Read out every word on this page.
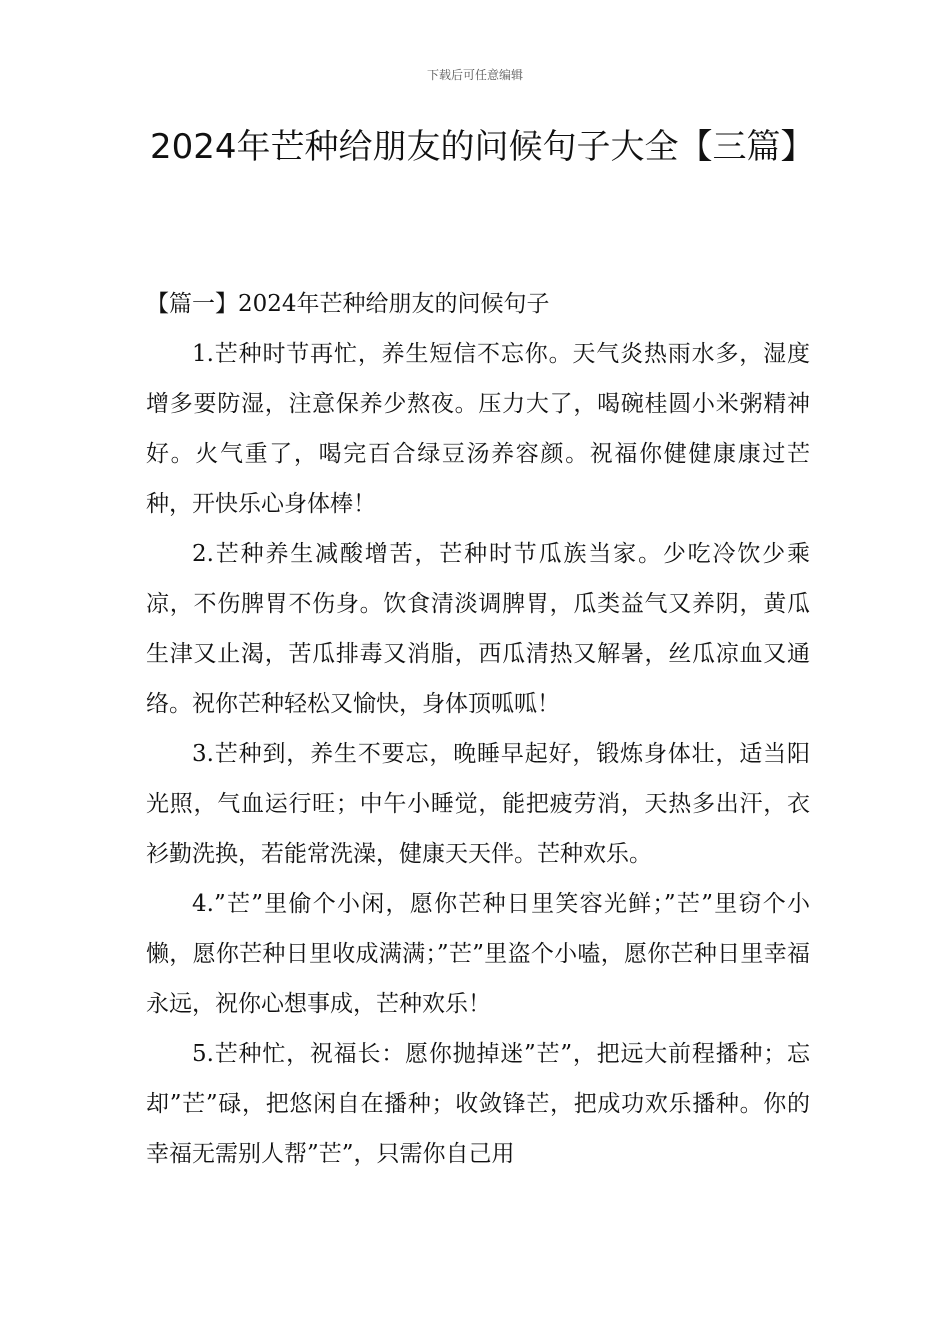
下载后可任意编辑
2024年芒种给朋友的问候句子大全【三篇】

【篇一】2024年芒种给朋友的问候句子

1.芒种时节再忙，养生短信不忘你。天气炎热雨水多，湿度增多要防湿，注意保养少熬夜。压力大了，喝碗桂圆小米粥精神好。火气重了，喝完百合绿豆汤养容颜。祝福你健健康康过芒种，开快乐心身体棒！

2.芒种养生减酸增苦，芒种时节瓜族当家。少吃冷饮少乘凉，不伤脾胃不伤身。饮食清淡调脾胃，瓜类益气又养阴，黄瓜生津又止渴，苦瓜排毒又消脂，西瓜清热又解暑，丝瓜凉血又通络。祝你芒种轻松又愉快，身体顶呱呱！

3.芒种到，养生不要忘，晚睡早起好，锻炼身体壮，适当阳光照，气血运行旺；中午小睡觉，能把疲劳消，天热多出汗，衣衫勤洗换，若能常洗澡，健康天天伴。芒种欢乐。

4.”芒”里偷个小闲，愿你芒种日里笑容光鲜；”芒”里窃个小懒，愿你芒种日里收成满满；”芒”里盗个小嗑，愿你芒种日里幸福永远，祝你心想事成，芒种欢乐！

5.芒种忙，祝福长：愿你抛掉迷”芒”，把远大前程播种；忘却”芒”碌，把悠闲自在播种；收敛锋芒，把成功欢乐播种。你的幸福无需别人帮”芒”，只需你自己用
